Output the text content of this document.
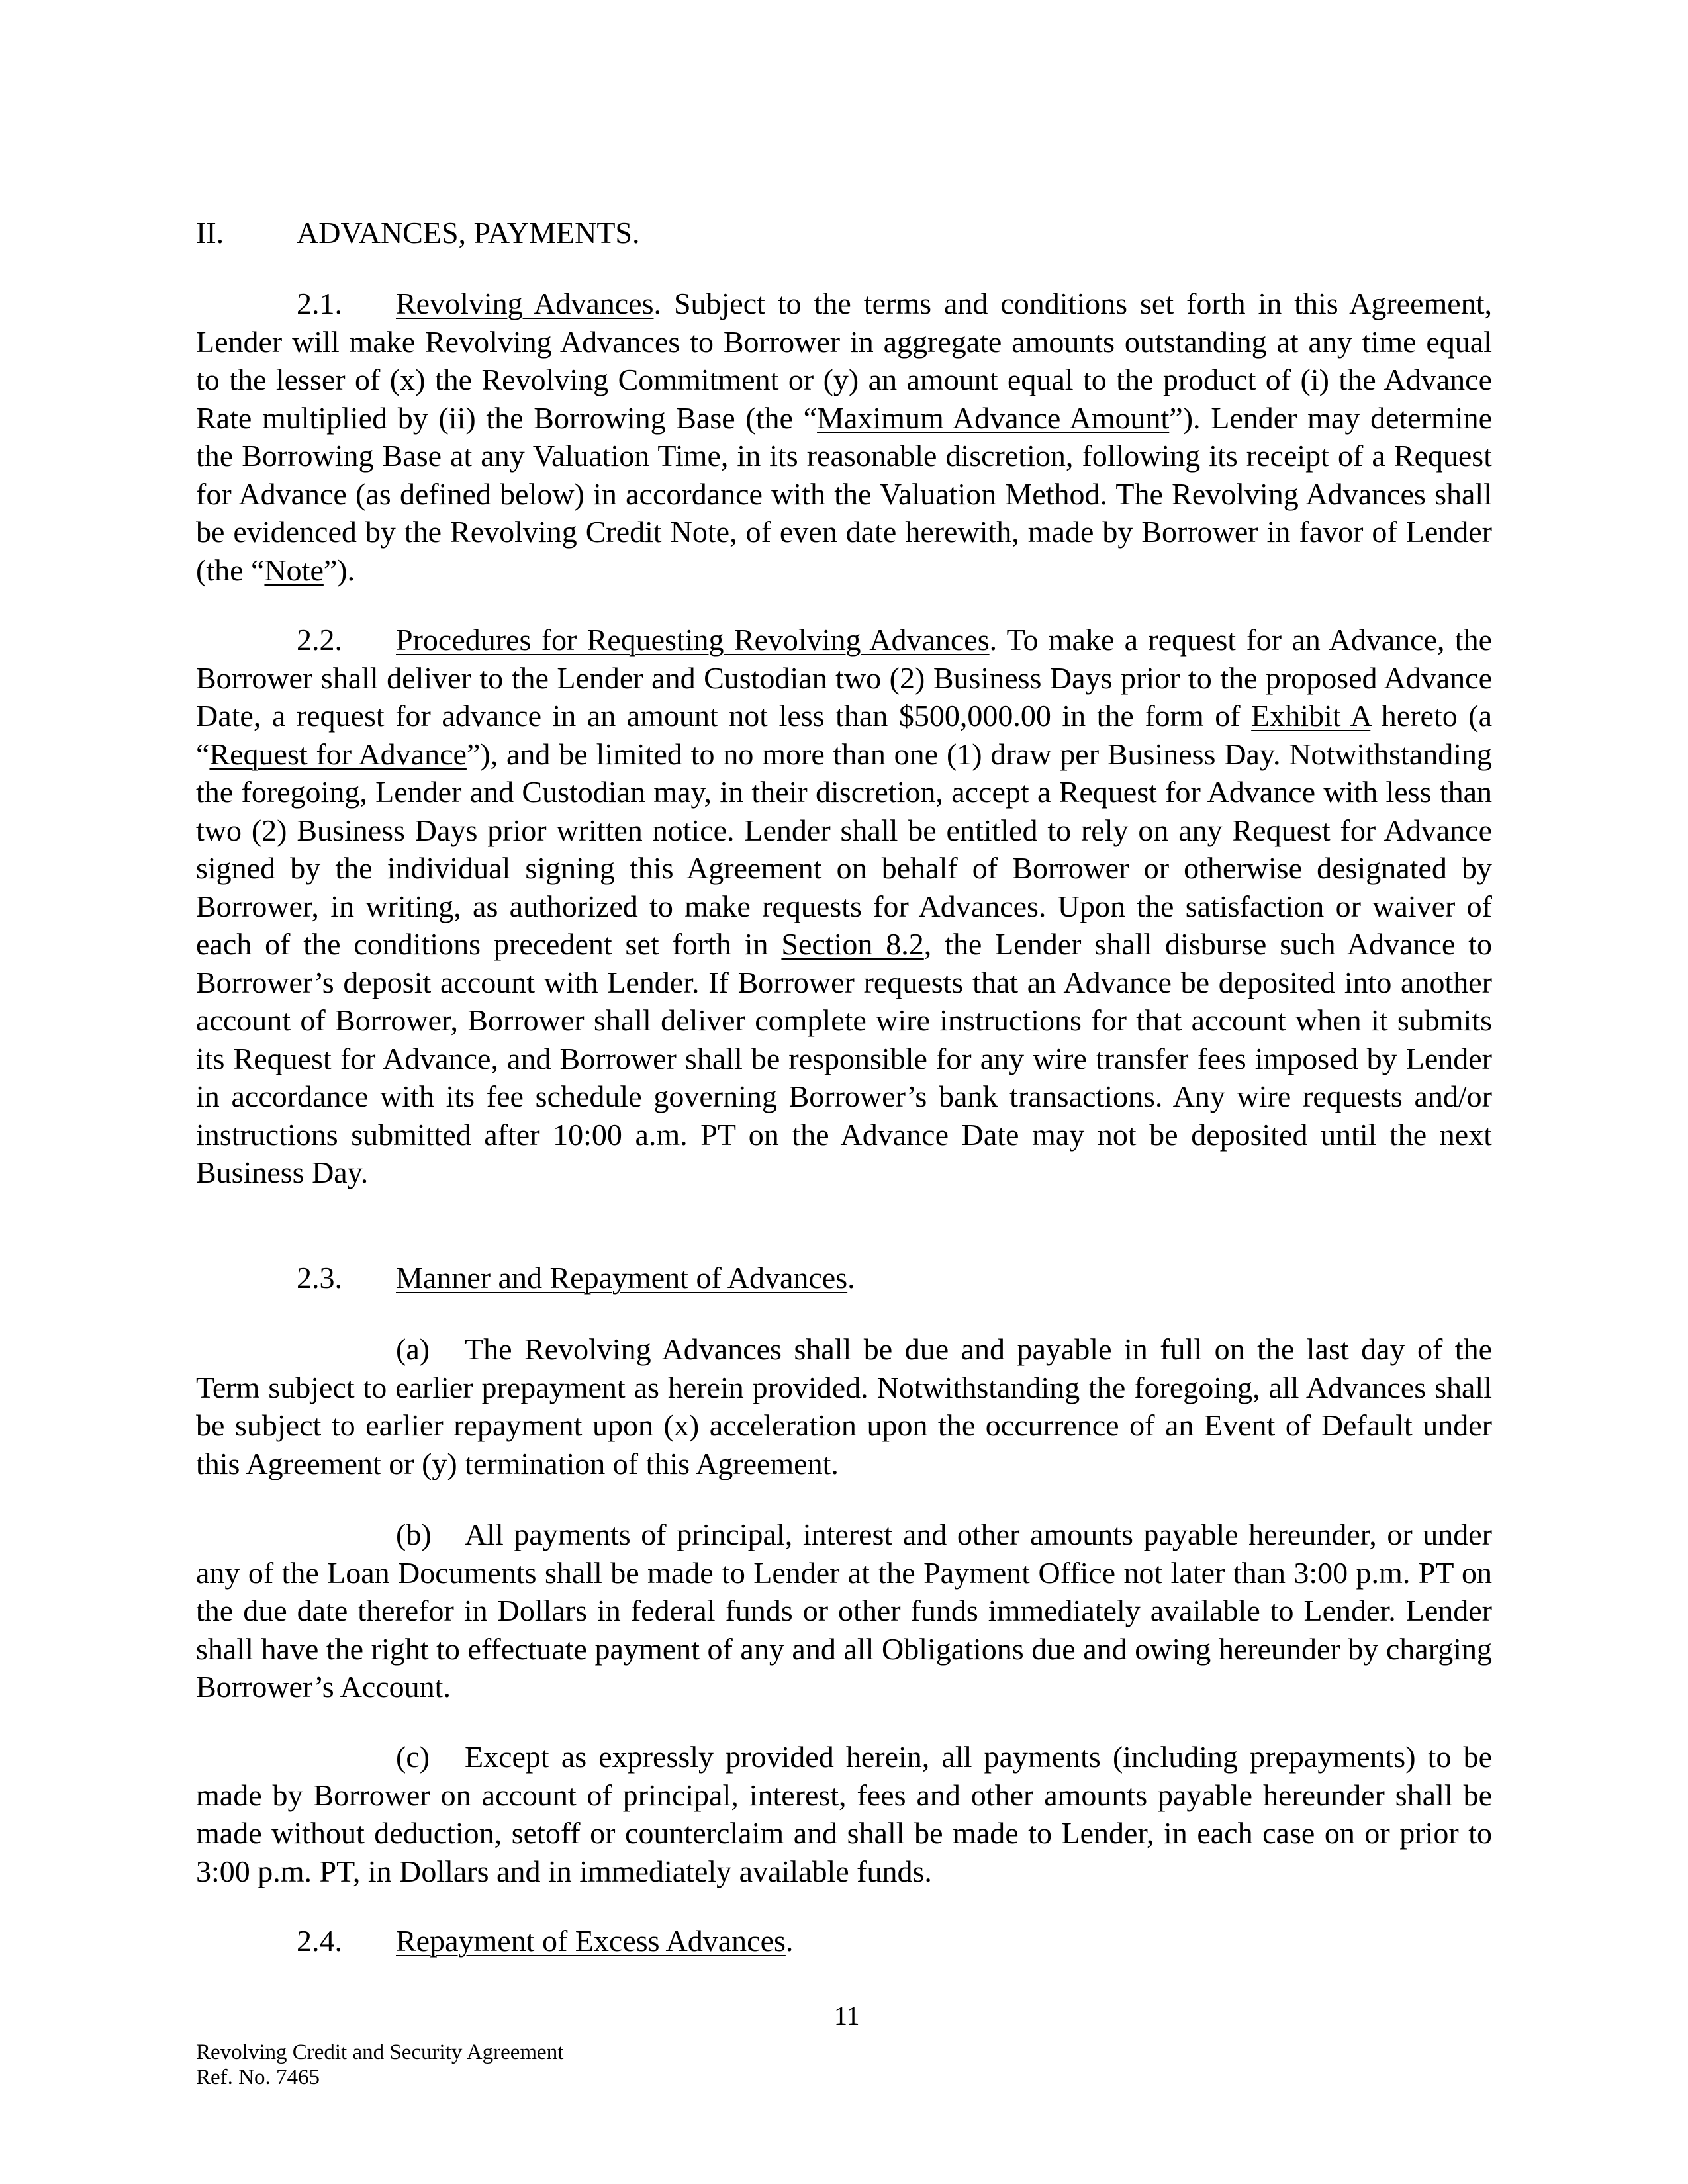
II. ADVANCES, PAYMENTS.
2.1. Revolving Advances. Subject to the terms and conditions set forth in this Agreement, Lender will make Revolving Advances to Borrower in aggregate amounts outstanding at any time equal to the lesser of (x) the Revolving Commitment or (y) an amount equal to the product of (i) the Advance Rate multiplied by (ii) the Borrowing Base (the “Maximum Advance Amount”). Lender may determine the Borrowing Base at any Valuation Time, in its reasonable discretion, following its receipt of a Request for Advance (as defined below) in accordance with the Valuation Method. The Revolving Advances shall be evidenced by the Revolving Credit Note, of even date herewith, made by Borrower in favor of Lender (the “Note”).
2.2. Procedures for Requesting Revolving Advances. To make a request for an Advance, the Borrower shall deliver to the Lender and Custodian two (2) Business Days prior to the proposed Advance Date, a request for advance in an amount not less than $500,000.00 in the form of Exhibit A hereto (a “Request for Advance”), and be limited to no more than one (1) draw per Business Day. Notwithstanding the foregoing, Lender and Custodian may, in their discretion, accept a Request for Advance with less than two (2) Business Days prior written notice. Lender shall be entitled to rely on any Request for Advance signed by the individual signing this Agreement on behalf of Borrower or otherwise designated by Borrower, in writing, as authorized to make requests for Advances. Upon the satisfaction or waiver of each of the conditions precedent set forth in Section 8.2, the Lender shall disburse such Advance to Borrower’s deposit account with Lender. If Borrower requests that an Advance be deposited into another account of Borrower, Borrower shall deliver complete wire instructions for that account when it submits its Request for Advance, and Borrower shall be responsible for any wire transfer fees imposed by Lender in accordance with its fee schedule governing Borrower’s bank transactions. Any wire requests and/or instructions submitted after 10:00 a.m. PT on the Advance Date may not be deposited until the next Business Day.
2.3. Manner and Repayment of Advances.
(a) The Revolving Advances shall be due and payable in full on the last day of the Term subject to earlier prepayment as herein provided. Notwithstanding the foregoing, all Advances shall be subject to earlier repayment upon (x) acceleration upon the occurrence of an Event of Default under this Agreement or (y) termination of this Agreement.
(b) All payments of principal, interest and other amounts payable hereunder, or under any of the Loan Documents shall be made to Lender at the Payment Office not later than 3:00 p.m. PT on the due date therefor in Dollars in federal funds or other funds immediately available to Lender. Lender shall have the right to effectuate payment of any and all Obligations due and owing hereunder by charging Borrower’s Account.
(c) Except as expressly provided herein, all payments (including prepayments) to be made by Borrower on account of principal, interest, fees and other amounts payable hereunder shall be made without deduction, setoff or counterclaim and shall be made to Lender, in each case on or prior to 3:00 p.m. PT, in Dollars and in immediately available funds.
2.4. Repayment of Excess Advances.
11
Revolving Credit and Security Agreement
Ref. No. 7465
